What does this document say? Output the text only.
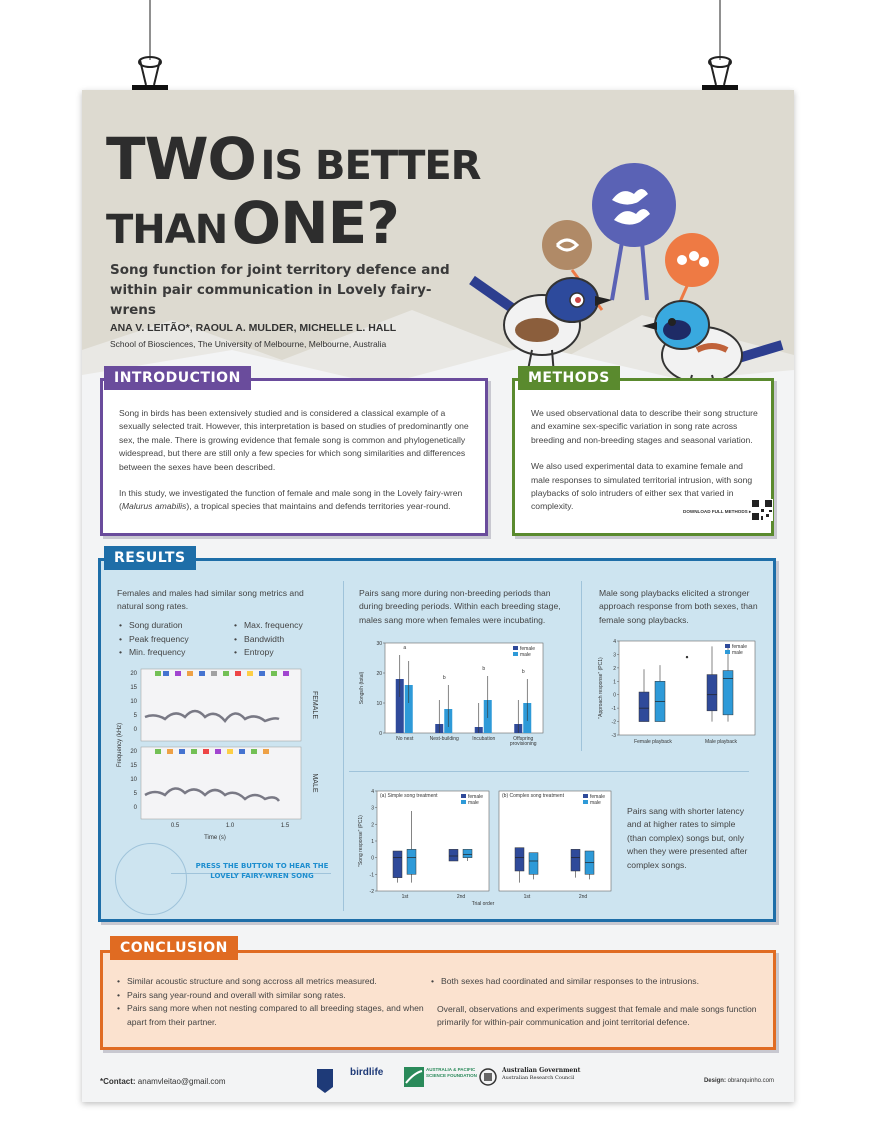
TWO IS BETTER
THAN ONE?
Song function for joint territory defence and within pair communication in Lovely fairy-wrens
ANA V. LEITÃO*, RAOUL A. MULDER, MICHELLE L. HALL
School of Biosciences, The University of Melbourne, Melbourne, Australia

Song in birds has been extensively studied and is considered a classical example of a sexually selected trait. However, this interpretation is based on studies of predominantly one sex, the male. There is growing evidence that female song is common and phylogenetically widespread, but there are still only a few species for which song similarities and differences between the sexes have been described.

In this study, we investigated the function of female and male song in the Lovely fairy-wren (Malurus amabilis), a tropical species that maintains and defends territories year-round.

INTRODUCTION

We used observational data to describe their song structure and examine sex-specific variation in song rate across breeding and non-breeding stages and seasonal variation.

We also used experimental data to examine female and male responses to simulated territorial intrusion, with song playbacks of solo intruders of either sex that varied in complexity.

DOWNLOAD FULL METHODS ▸
METHODS
Females and males had similar song metrics and natural song rates.
• Song duration
• Peak frequency
• Min. frequency
• Max. frequency
• Bandwidth
• Entropy
20
15
10
5
0
20
15
10
5
0
0.5	1.0	1.5
Time (s)
Frequency (kHz)
FEMALE
MALE
PRESS THE BUTTON TO HEAR THE LOVELY FAIRY-WREN SONG
Pairs sang more during non-breeding periods than during breeding periods. Within each breeding stage, males sang more when females were incubating.
0
10
20
30
Songs/h (total)
a
No nest
b
Nest-building
b
Incubation
b
Offspring
provisioning
female
male
Male song playbacks elicited a stronger approach response from both sexes, than female song playbacks.
-3
-2
-1
0
1
2
3
4
"Approach response" (PC1)
Female playback	Male playback
female
male
"Song response" (PC1)
(a) Simple song treatment
-2
-1
0
1
2
3
4
1st	2nd
female
male
(b) Complex song treatment
1st	2nd
female
male
Trial order
Pairs sang with shorter latency and at higher rates to simple (than complex) songs but, only when they were presented after complex songs.
RESULTS
• Similar acoustic structure and song accross all metrics measured.
• Pairs sang year-round and overall with similar song rates.
• Pairs sang more when not nesting compared to all breeding stages, and when apart from their partner.
• Both sexes had coordinated and similar responses to the intrusions.
Overall, observations and experiments suggest that female and male songs function primarily for within-pair communication and joint territorial defence.
CONCLUSION
*Contact: anamvleitao@gmail.com
birdlife	AUSTRALIA & PACIFIC SCIENCE FOUNDATION
Australian Government
Australian Research Council	Design: obranquinho.com
